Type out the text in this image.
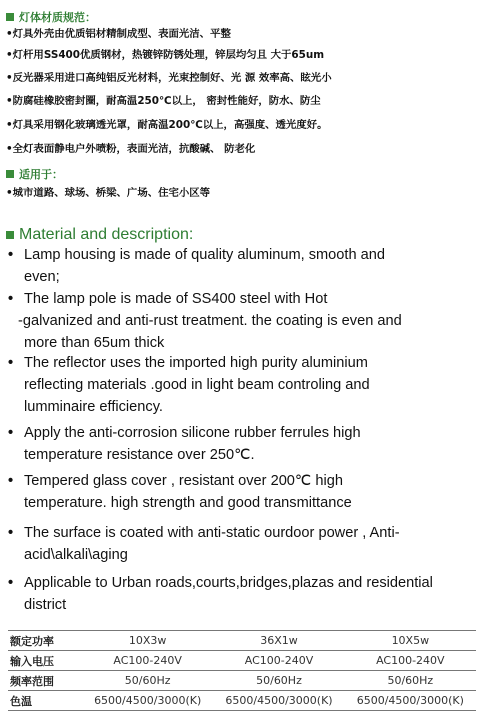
灯体材质规范：
•灯具外壳由优质铝材精制成型、表面光洁、平整
•灯杆用SS400优质钢材，热镀锌防锈处理，锌层均匀且 大于65um
•反光器采用进口高纯铝反光材料，光束控制好、光 源 效率高、眩光小
•防腐硅橡胶密封圈，耐高温250℃以上， 密封性能好，防水、防尘
•灯具采用钢化玻璃透光罩，耐高温200℃以上，高强度、透光度好。
•全灯表面静电户外喷粉，表面光洁，抗酸碱、 防老化
适用于：
•城市道路、球场、桥梁、广场、住宅小区等
Material and description:
• Lamp housing is made of quality aluminum, smooth and
even;
• The lamp pole is made of SS400 steel with Hot
-galvanized and anti-rust treatment. the coating is even and
more than 65um thick
• The reflector uses the imported high purity aluminium
reflecting materials .good in light beam controling and
lumminaire efficiency.
• Apply the anti-corrosion silicone rubber ferrules high
temperature resistance over 250℃.
• Tempered glass cover , resistant over 200℃ high
temperature. high strength and good transmittance
• The surface is coated with anti-static ourdoor power , Anti-
acid\alkali\aging
• Applicable to Urban roads,courts,bridges,plazas and residential
district
额定功率	10X3w	36X1w	10X5w
输入电压	AC100-240V	AC100-240V	AC100-240V
频率范围	50/60Hz	50/60Hz	50/60Hz
色温	6500/4500/3000(K)	6500/4500/3000(K)	6500/4500/3000(K)
